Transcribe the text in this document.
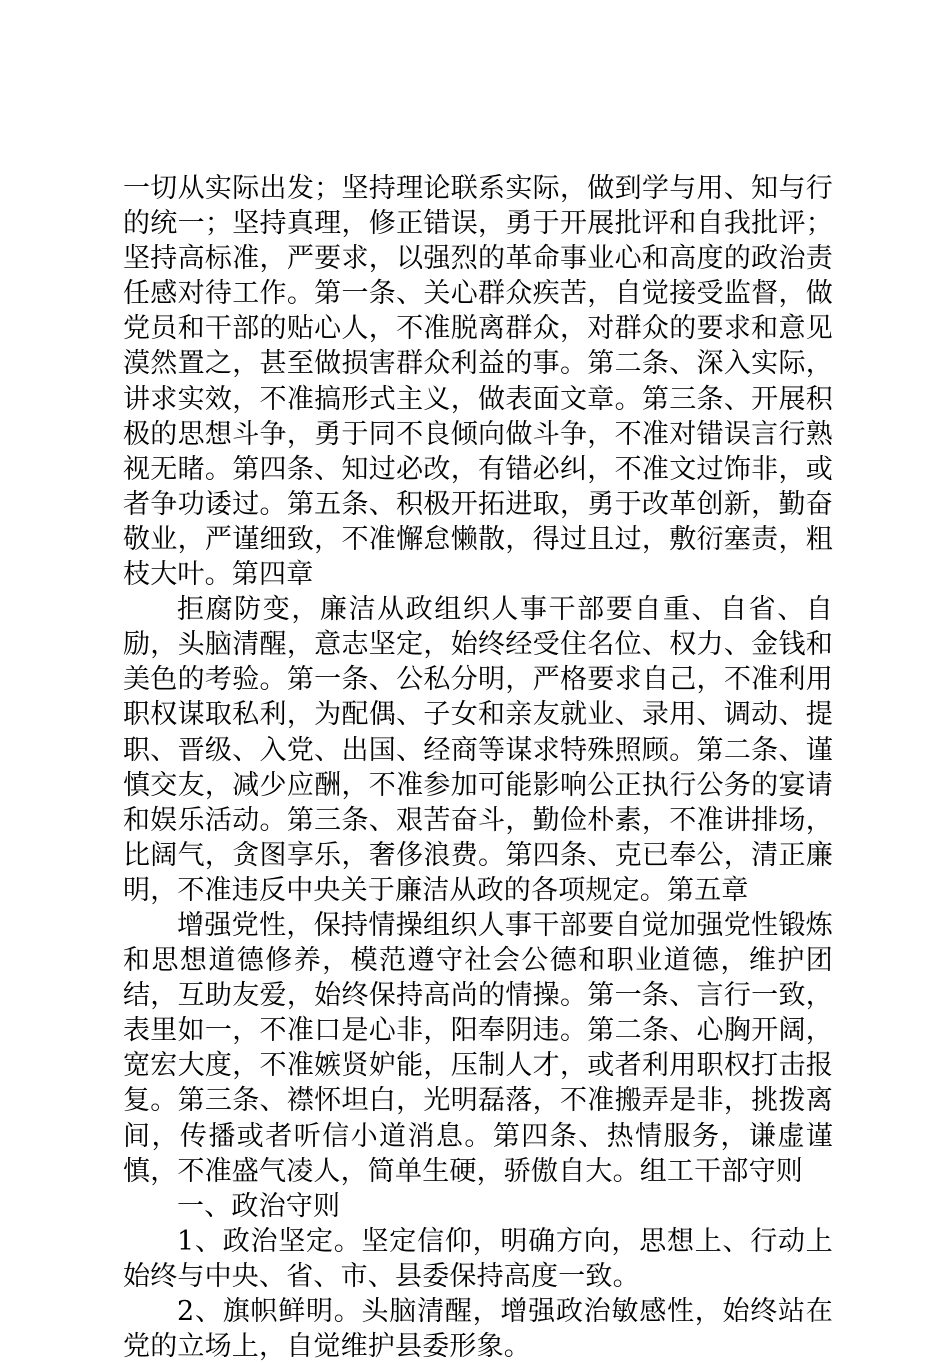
一切从实际出发；坚持理论联系实际，做到学与用、知与行的统一；坚持真理，修正错误，勇于开展批评和自我批评；坚持高标准，严要求，以强烈的革命事业心和高度的政治责任感对待工作。第一条、关心群众疾苦，自觉接受监督，做党员和干部的贴心人，不准脱离群众，对群众的要求和意见漠然置之，甚至做损害群众利益的事。第二条、深入实际，讲求实效，不准搞形式主义，做表面文章。第三条、开展积极的思想斗争，勇于同不良倾向做斗争，不准对错误言行熟视无睹。第四条、知过必改，有错必纠，不准文过饰非，或者争功诿过。第五条、积极开拓进取，勇于改革创新，勤奋敬业，严谨细致，不准懈怠懒散，得过且过，敷衍塞责，粗枝大叶。第四章

拒腐防变，廉洁从政组织人事干部要自重、自省、自励，头脑清醒，意志坚定，始终经受住名位、权力、金钱和美色的考验。第一条、公私分明，严格要求自己，不准利用职权谋取私利，为配偶、子女和亲友就业、录用、调动、提职、晋级、入党、出国、经商等谋求特殊照顾。第二条、谨慎交友，减少应酬，不准参加可能影响公正执行公务的宴请和娱乐活动。第三条、艰苦奋斗，勤俭朴素，不准讲排场，比阔气，贪图享乐，奢侈浪费。第四条、克已奉公，清正廉明，不准违反中央关于廉洁从政的各项规定。第五章

增强党性，保持情操组织人事干部要自觉加强党性锻炼和思想道德修养，模范遵守社会公德和职业道德，维护团结，互助友爱，始终保持高尚的情操。第一条、言行一致，表里如一，不准口是心非，阳奉阴违。第二条、心胸开阔，宽宏大度，不准嫉贤妒能，压制人才，或者利用职权打击报复。第三条、襟怀坦白，光明磊落，不准搬弄是非，挑拨离间，传播或者听信小道消息。第四条、热情服务，谦虚谨慎，不准盛气凌人，简单生硬，骄傲自大。组工干部守则

一、政治守则

1、政治坚定。坚定信仰，明确方向，思想上、行动上始终与中央、省、市、县委保持高度一致。

2、旗帜鲜明。头脑清醒，增强政治敏感性，始终站在党的立场上，自觉维护县委形象。
